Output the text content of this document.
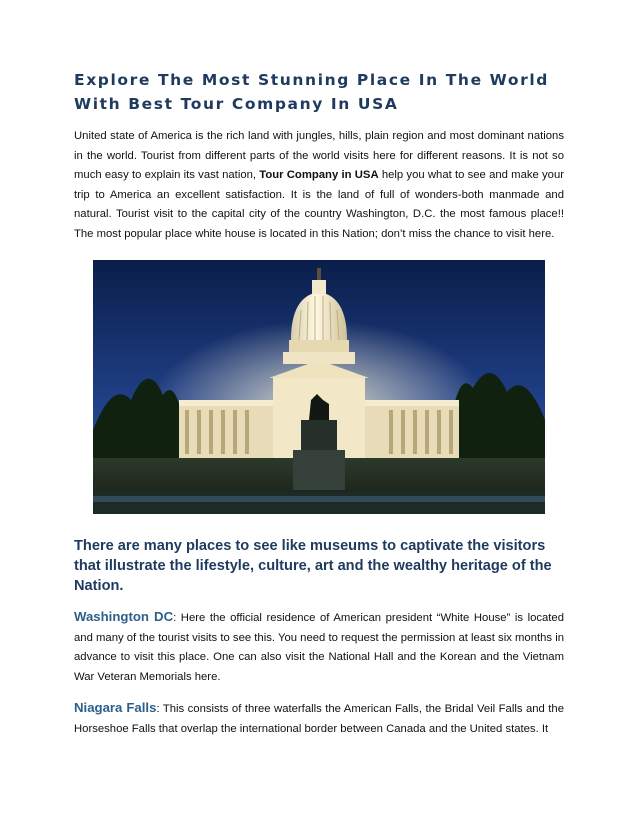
Explore The Most Stunning Place In The World With Best Tour Company In USA

United state of America is the rich land with jungles, hills, plain region and most dominant nations in the world. Tourist from different parts of the world visits here for different reasons. It is not so much easy to explain its vast nation, Tour Company in USA help you what to see and make your trip to America an excellent satisfaction. It is the land of full of wonders-both manmade and natural. Tourist visit to the capital city of the country Washington, D.C. the most famous place!! The most popular place white house is located in this Nation; don’t miss the chance to visit here.

There are many places to see like museums to captivate the visitors that illustrate the lifestyle, culture, art and the wealthy heritage of the Nation.

Washington DC: Here the official residence of American president “White House” is located and many of the tourist visits to see this. You need to request the permission at least six months in advance to visit this place. One can also visit the National Hall and the Korean and the Vietnam War Veteran Memorials here.

Niagara Falls: This consists of three waterfalls the American Falls, the Bridal Veil Falls and the Horseshoe Falls that overlap the international border between Canada and the United states. It
